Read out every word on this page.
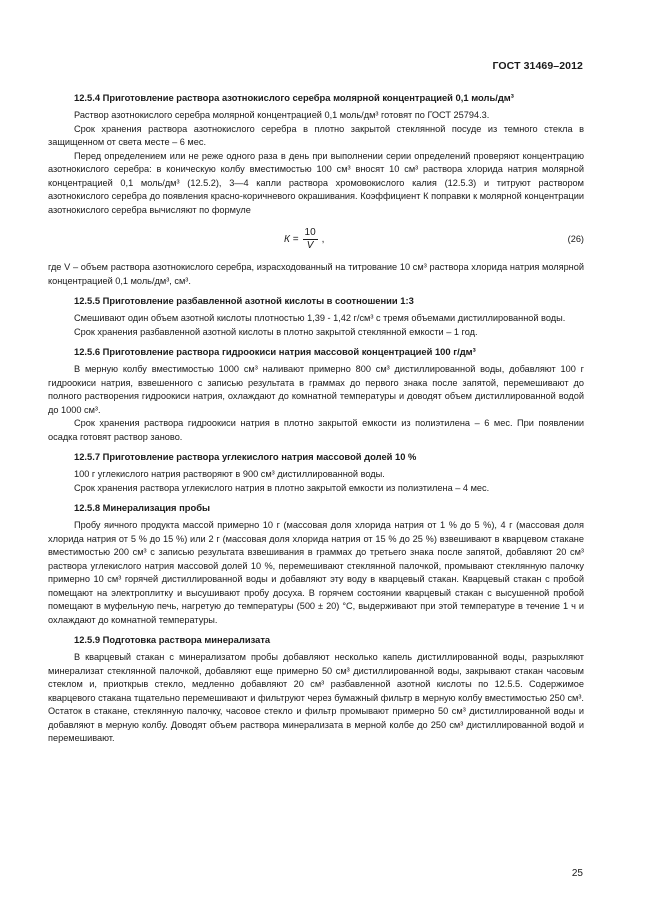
ГОСТ 31469–2012
12.5.4 Приготовление раствора азотнокислого серебра молярной концентрацией 0,1 моль/дм³

Раствор азотнокислого серебра молярной концентрацией 0,1 моль/дм³ готовят по ГОСТ 25794.3.

Срок хранения раствора азотнокислого серебра в плотно закрытой стеклянной посуде из темного стекла в защищенном от света месте – 6 мес.

Перед определением или не реже одного раза в день при выполнении серии определений проверяют концентрацию азотнокислого серебра: в коническую колбу вместимостью 100 см³ вносят 10 см³ раствора хлорида натрия молярной концентрацией 0,1 моль/дм³ (12.5.2), 3—4 капли раствора хромовокислого калия (12.5.3) и титруют раствором азотнокислого серебра до появления красно-коричневого окрашивания. Коэффициент К поправки к молярной концентрации азотнокислого серебра вычисляют по формуле

$К = \frac{10}{V}$ ,	(26)

где V – объем раствора азотнокислого серебра, израсходованный на титрование 10 см³ раствора хлорида натрия молярной концентрацией 0,1 моль/дм³, см³.

12.5.5 Приготовление разбавленной азотной кислоты в соотношении 1:3

Смешивают один объем азотной кислоты плотностью 1,39 - 1,42 г/см³ с тремя объемами дистиллированной воды.

Срок хранения разбавленной азотной кислоты в плотно закрытой стеклянной емкости – 1 год.

12.5.6 Приготовление раствора гидроокиси натрия массовой концентрацией 100 г/дм³

В мерную колбу вместимостью 1000 см³ наливают примерно 800 см³ дистиллированной воды, добавляют 100 г гидроокиси натрия, взвешенного с записью результата в граммах до первого знака после запятой, перемешивают до полного растворения гидроокиси натрия, охлаждают до комнатной температуры и доводят объем дистиллированной водой до 1000 см³.

Срок хранения раствора гидроокиси натрия в плотно закрытой емкости из полиэтилена – 6 мес. При появлении осадка готовят раствор заново.

12.5.7 Приготовление раствора углекислого натрия массовой долей 10 %

100 г углекислого натрия растворяют в 900 см³ дистиллированной воды.

Срок хранения раствора углекислого натрия в плотно закрытой емкости из полиэтилена – 4 мес.

12.5.8 Минерализация пробы

Пробу яичного продукта массой примерно 10 г (массовая доля хлорида натрия от 1 % до 5 %), 4 г (массовая доля хлорида натрия от 5 % до 15 %) или 2 г (массовая доля хлорида натрия от 15 % до 25 %) взвешивают в кварцевом стакане вместимостью 200 см³ с записью результата взвешивания в граммах до третьего знака после запятой, добавляют 20 см³ раствора углекислого натрия массовой долей 10 %, перемешивают стеклянной палочкой, промывают стеклянную палочку примерно 10 см³ горячей дистиллированной воды и добавляют эту воду в кварцевый стакан. Кварцевый стакан с пробой помещают на электроплитку и высушивают пробу досуха. В горячем состоянии кварцевый стакан с высушенной пробой помещают в муфельную печь, нагретую до температуры (500 ± 20) °С, выдерживают при этой температуре в течение 1 ч и охлаждают до комнатной температуры.

12.5.9 Подготовка раствора минерализата

В кварцевый стакан с минерализатом пробы добавляют несколько капель дистиллированной воды, разрыхляют минерализат стеклянной палочкой, добавляют еще примерно 50 см³ дистиллированной воды, закрывают стакан часовым стеклом и, приоткрыв стекло, медленно добавляют 20 см³ разбавленной азотной кислоты по 12.5.5. Содержимое кварцевого стакана тщательно перемешивают и фильтруют через бумажный фильтр в мерную колбу вместимостью 250 см³. Остаток в стакане, стеклянную палочку, часовое стекло и фильтр промывают примерно 50 см³ дистиллированной воды и добавляют в мерную колбу. Доводят объем раствора минерализата в мерной колбе до 250 см³ дистиллированной водой и перемешивают.

25
